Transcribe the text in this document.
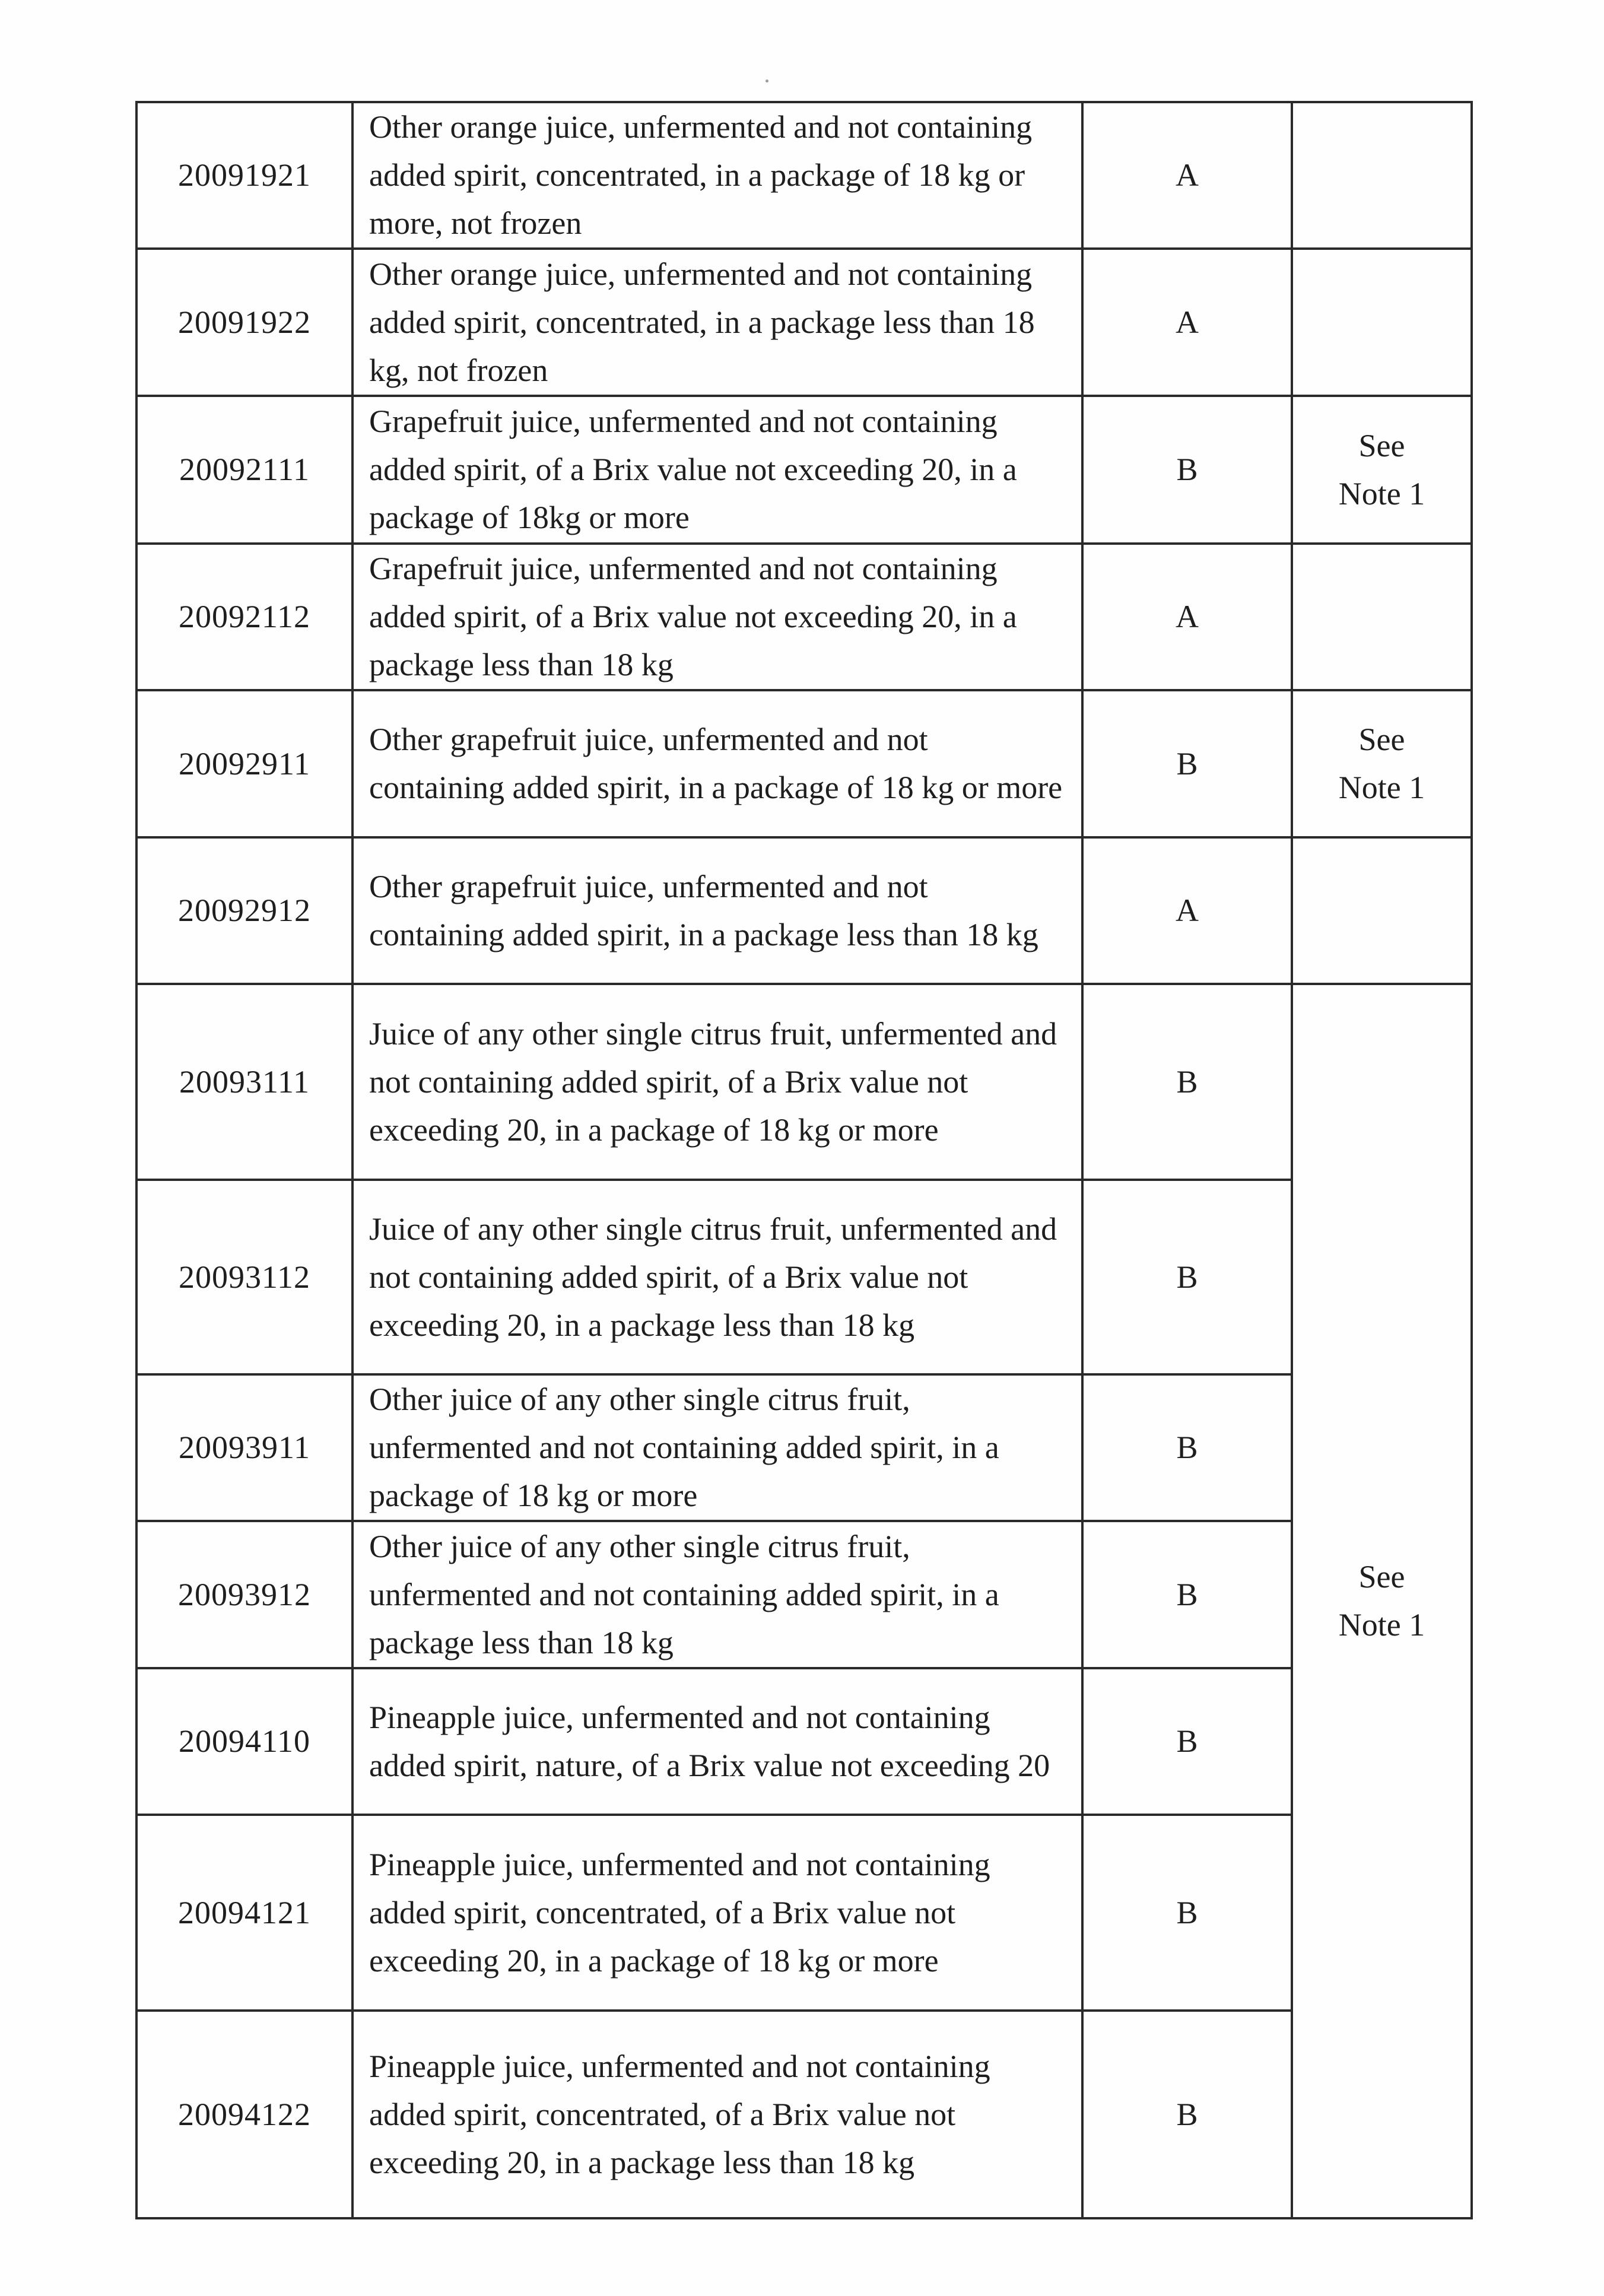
20091921	Other orange juice, unfermented and not containing added spirit, concentrated, in a package of 18 kg or more, not frozen	A	
20091922	Other orange juice, unfermented and not containing added spirit, concentrated, in a package less than 18 kg, not frozen	A	
20092111	Grapefruit juice, unfermented and not containing added spirit, of a Brix value not exceeding 20, in a package of 18kg or more	B	See
Note 1

20092112	Grapefruit juice, unfermented and not containing added spirit, of a Brix value not exceeding 20, in a package less than 18 kg	A	
20092911	Other grapefruit juice, unfermented and not containing added spirit, in a package of 18 kg or more	B	See
Note 1

20092912	Other grapefruit juice, unfermented and not containing added spirit, in a package less than 18 kg	A	
20093111	Juice of any other single citrus fruit, unfermented and not containing added spirit, of a Brix value not exceeding 20, in a package of 18 kg or more	B	See
Note 1

20093112	Juice of any other single citrus fruit, unfermented and not containing added spirit, of a Brix value not exceeding 20, in a package less than 18 kg	B	
20093911	Other juice of any other single citrus fruit, unfermented and not containing added spirit, in a package of 18 kg or more	B	
20093912	Other juice of any other single citrus fruit, unfermented and not containing added spirit, in a package less than 18 kg	B	
20094110	Pineapple juice, unfermented and not containing added spirit, nature, of a Brix value not exceeding 20	B	
20094121	Pineapple juice, unfermented and not containing added spirit, concentrated, of a Brix value not exceeding 20, in a package of 18 kg or more	B	
20094122	Pineapple juice, unfermented and not containing added spirit, concentrated, of a Brix value not exceeding 20, in a package less than 18 kg	B	
